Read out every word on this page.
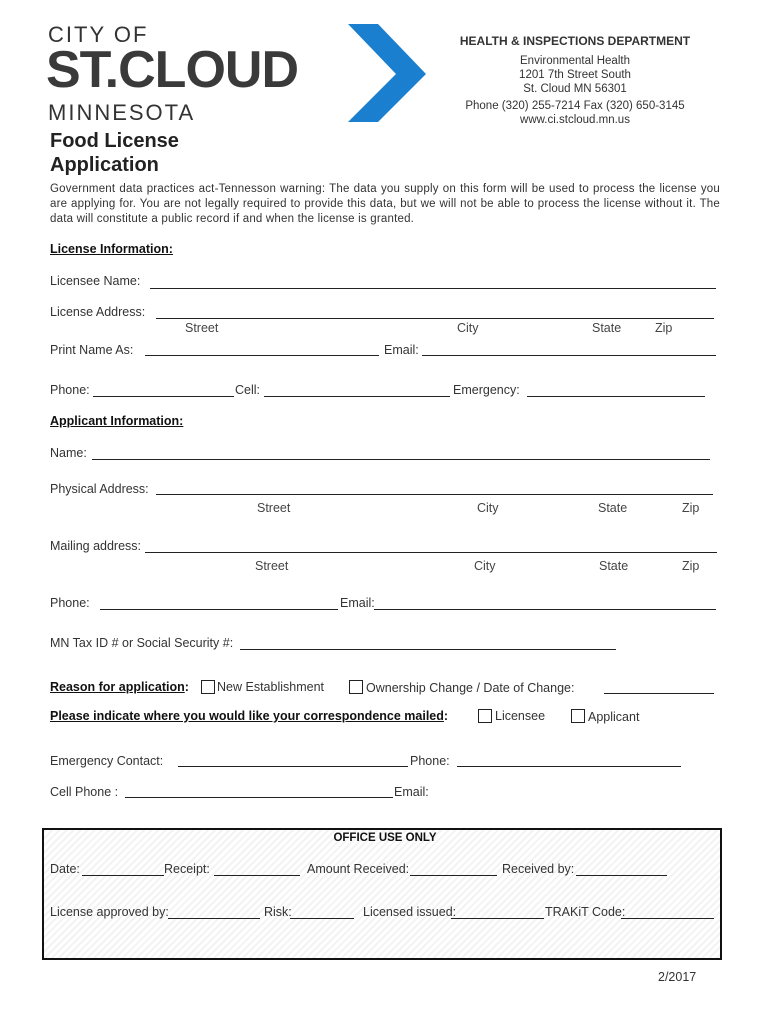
CITY OF
ST.CLOUD
MINNESOTA
HEALTH & INSPECTIONS DEPARTMENT
Environmental Health
1201 7th Street South
St. Cloud MN 56301
Phone (320) 255-7214 Fax (320) 650-3145
www.ci.stcloud.mn.us
Food License
Application
Government data practices act-Tennesson warning: The data you supply on this form will be used to process the license you are applying for. You are not legally required to provide this data, but we will not be able to process the license without it. The data will constitute a public record if and when the license is granted.
License Information:
Licensee Name:
License Address:
Street	City	State	Zip
Print Name As:	Email:
Phone:	Cell:	Emergency:
Applicant Information:
Name:
Physical Address:
Street	City	State	Zip
Mailing address:
Street	City	State	Zip
Phone:	Email:
MN Tax ID # or Social Security #:
Reason for application: New Establishment	Ownership Change / Date of Change:
Please indicate where you would like your correspondence mailed:	Licensee	Applicant
Emergency Contact:	Phone:
Cell Phone :	Email:
OFFICE USE ONLY
Date:	Receipt:	Amount Received:	Received by:
License approved by:	Risk:	Licensed issued:	TRAKiT Code:
2/2017
